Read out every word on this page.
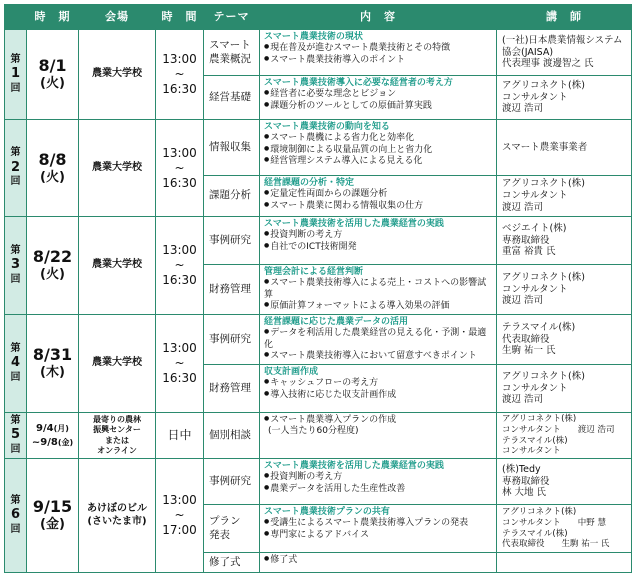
	時　期	会場	時　間	テーマ	内　容	講　師

第
1
回	8/1
(火)	農業大学校	13:00
~
16:30	スマート
農業概況	スマート農業技術の現状
● 現在普及が進むスマート農業技術とその特徴
● スマート農業技術導入のポイント	(一社)日本農業情報システム
協会(JAISA)
代表理事 渡邊智之 氏

				経営基礎	スマート農業技術導入に必要な経営者の考え方
● 経営者に必要な理念とビジョン
● 課題分析のツールとしての原価計算実践	アグリコネクト(株)
コンサルタント
渡辺 浩司

第
2
回	8/8
(火)	農業大学校	13:00
~
16:30	情報収集	スマート農業技術の動向を知る
● スマート農機による省力化と効率化
● 環境制御による収量品質の向上と省力化
● 経営管理システム導入による見える化	スマート農業事業者

				課題分析	経営課題の分析・特定
● 定量定性両面からの課題分析
● スマート農業に関わる情報収集の仕方	アグリコネクト(株)
コンサルタント
渡辺 浩司

第
3
回	8/22
(火)	農業大学校	13:00
~
16:30	事例研究	スマート農業技術を活用した農業経営の実践
● 投資判断の考え方
● 自社でのICT技術開発	ベジエイト(株)
専務取締役
重富 裕貴 氏

				財務管理	管理会計による経営判断
● スマート農業技術導入による売上・コストへの影響試算
● 原価計算フォーマットによる導入効果の評価	アグリコネクト(株)
コンサルタント
渡辺 浩司

第
4
回	8/31
(木)	農業大学校	13:00
~
16:30	事例研究	経営課題に応じた農業データの活用
● データを利活用した農業経営の見える化・予測・最適化
● スマート農業技術導入において留意すべきポイント	テラスマイル(株)
代表取締役
生駒 祐一 氏

				財務管理	収支計画作成
● キャッシュフローの考え方
● 導入技術に応じた収支計画作成	アグリコネクト(株)
コンサルタント
渡辺 浩司

第
5
回	9/4(月)
~9/8(金)	最寄りの農林
振興センター
または
オンライン	日中	個別相談	● スマート農業導入プランの作成
(一人当たり60分程度)	アグリコネクト(株)
コンサルタント　　渡辺 浩司
テラスマイル(株)
コンサルタント

第
6
回	9/15
(金)	あけぼのビル
(さいたま市)	13:00
~
17:00	事例研究	スマート農業技術を活用した農業経営の実践
● 投資判断の考え方
● 農業データを活用した生産性改善	(株)Tedy
専務取締役
林 大地 氏

				プラン
発表	スマート農業技術プランの共有
● 受講生によるスマート農業技術導入プランの発表
● 専門家によるアドバイス	アグリコネクト(株)
コンサルタント　　中野 慧
テラスマイル(株)
代表取締役　　生駒 祐一 氏

				修了式	● 修了式
